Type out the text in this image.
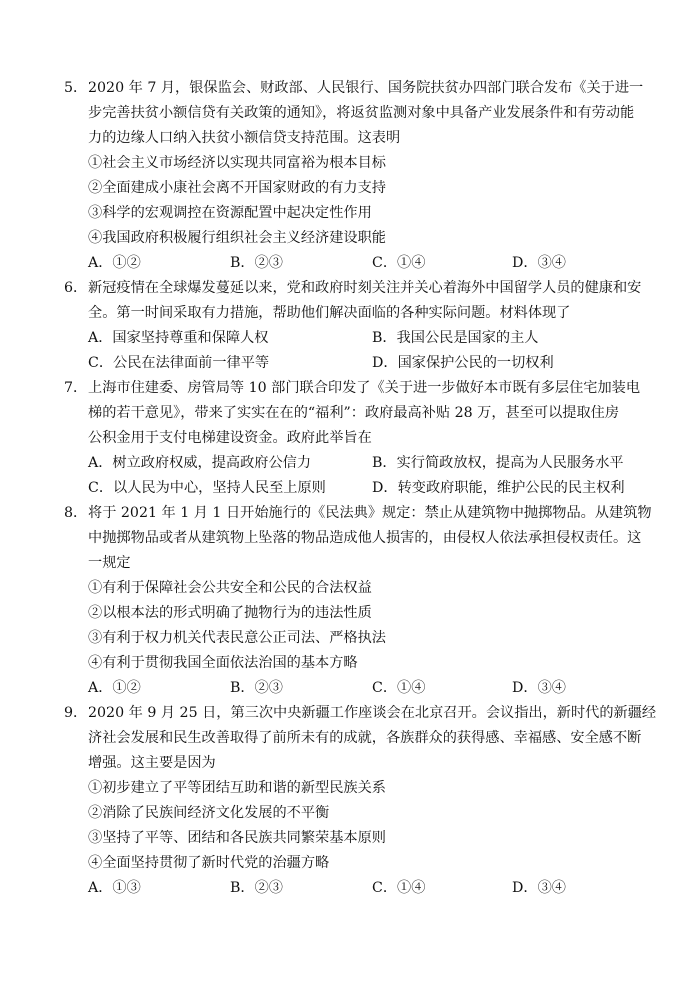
5． 2020 年 7 月，银保监会、财政部、人民银行、国务院扶贫办四部门联合发布《关于进一
步完善扶贫小额信贷有关政策的通知》，将返贫监测对象中具备产业发展条件和有劳动能
力的边缘人口纳入扶贫小额信贷支持范围。这表明
①社会主义市场经济以实现共同富裕为根本目标
②全面建成小康社会离不开国家财政的有力支持
③科学的宏观调控在资源配置中起决定性作用
④我国政府积极履行组织社会主义经济建设职能
A．①②	B．②③	C．①④	D．③④
6． 新冠疫情在全球爆发蔓延以来，党和政府时刻关注并关心着海外中国留学人员的健康和安
全。第一时间采取有力措施，帮助他们解决面临的各种实际问题。材料体现了
A．国家坚持尊重和保障人权	B．我国公民是国家的主人
C．公民在法律面前一律平等	D．国家保护公民的一切权利
7． 上海市住建委、房管局等 10 部门联合印发了《关于进一步做好本市既有多层住宅加装电
梯的若干意见》，带来了实实在在的“福利”：政府最高补贴 28 万，甚至可以提取住房
公积金用于支付电梯建设资金。政府此举旨在
A．树立政府权威，提高政府公信力	B．实行简政放权，提高为人民服务水平
C．以人民为中心，坚持人民至上原则	D．转变政府职能，维护公民的民主权利
8． 将于 2021 年 1 月 1 日开始施行的《民法典》规定：禁止从建筑物中抛掷物品。从建筑物
中抛掷物品或者从建筑物上坠落的物品造成他人损害的，由侵权人依法承担侵权责任。这
一规定
①有利于保障社会公共安全和公民的合法权益
②以根本法的形式明确了抛物行为的违法性质
③有利于权力机关代表民意公正司法、严格执法
④有利于贯彻我国全面依法治国的基本方略
A．①②	B．②③	C．①④	D．③④
9． 2020 年 9 月 25 日，第三次中央新疆工作座谈会在北京召开。会议指出，新时代的新疆经
济社会发展和民生改善取得了前所未有的成就，各族群众的获得感、幸福感、安全感不断
增强。这主要是因为
①初步建立了平等团结互助和谐的新型民族关系
②消除了民族间经济文化发展的不平衡
③坚持了平等、团结和各民族共同繁荣基本原则
④全面坚持贯彻了新时代党的治疆方略
A．①③	B．②③	C．①④	D．③④
